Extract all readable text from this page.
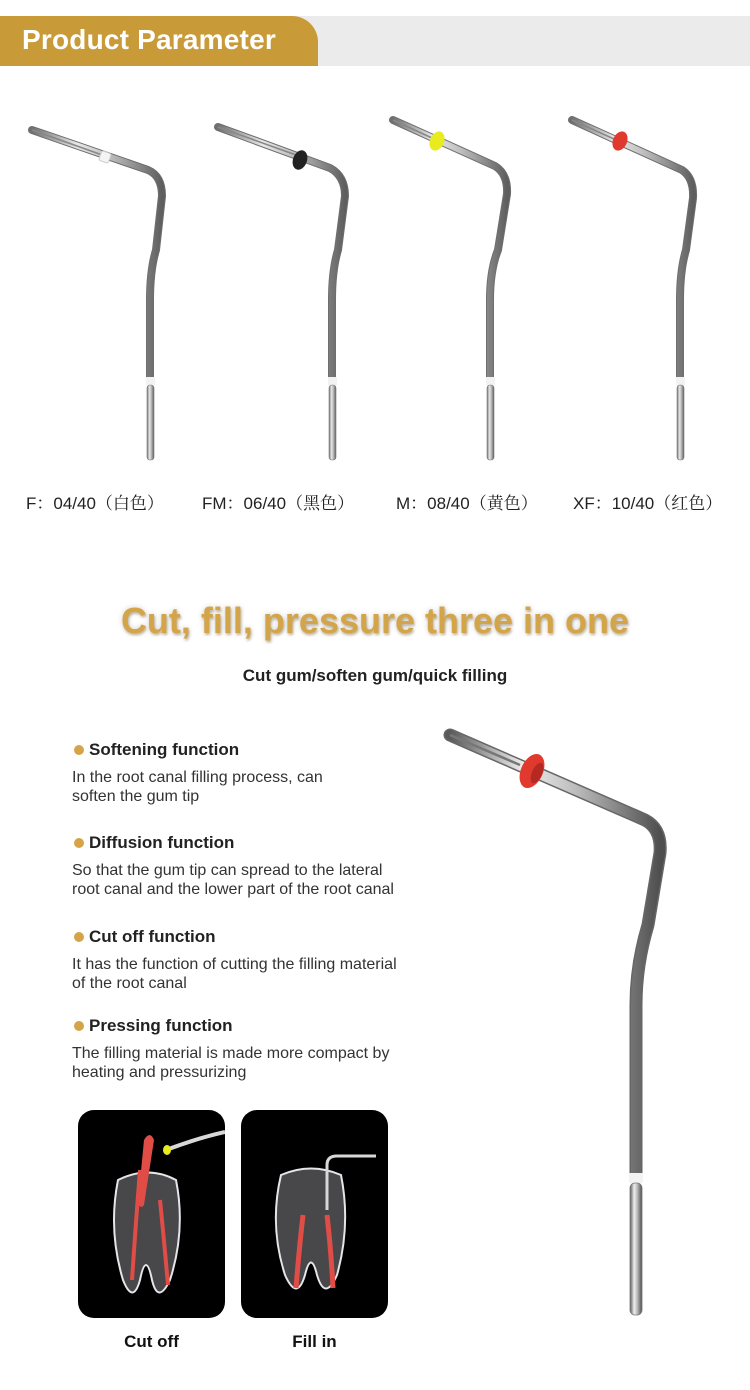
Product Parameter
F：04/40（白色） FM：06/40（黑色） M：08/40（黄色） XF：10/40（红色）
Cut, fill, pressure three in one
Cut gum/soften gum/quick filling
Softening function
In the root canal filling process, can
soften the gum tip
Diffusion function
So that the gum tip can spread to the lateral
root canal and the lower part of the root canal
Cut off function
It has the function of cutting the filling material
of the root canal
Pressing function
The filling material is made more compact by
heating and pressurizing
Cut off	Fill in
